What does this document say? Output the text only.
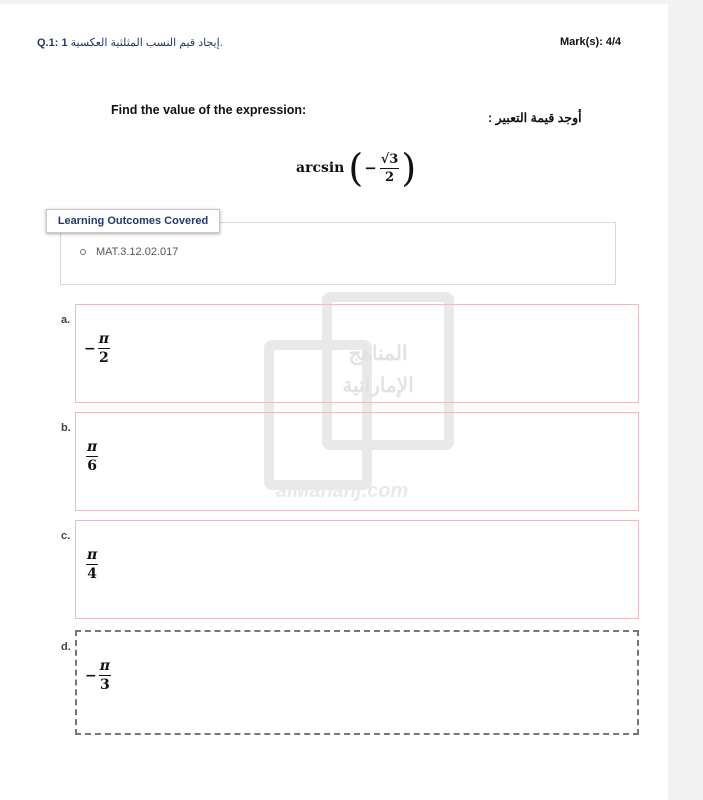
Q.1: 1 إيجاد قيم النسب المثلثية العكسية.	Mark(s): 4/4
Find the value of the expression:
أوجد قيمة التعبير :
arcsin ( − $\frac{√3}{2}$ )
Learning Outcomes Covered
MAT.3.12.02.017
a.
− $\frac{\pi}{2}$
b.
$\frac{\pi}{6}$
c.
$\frac{\pi}{4}$
d.
− $\frac{\pi}{3}$
